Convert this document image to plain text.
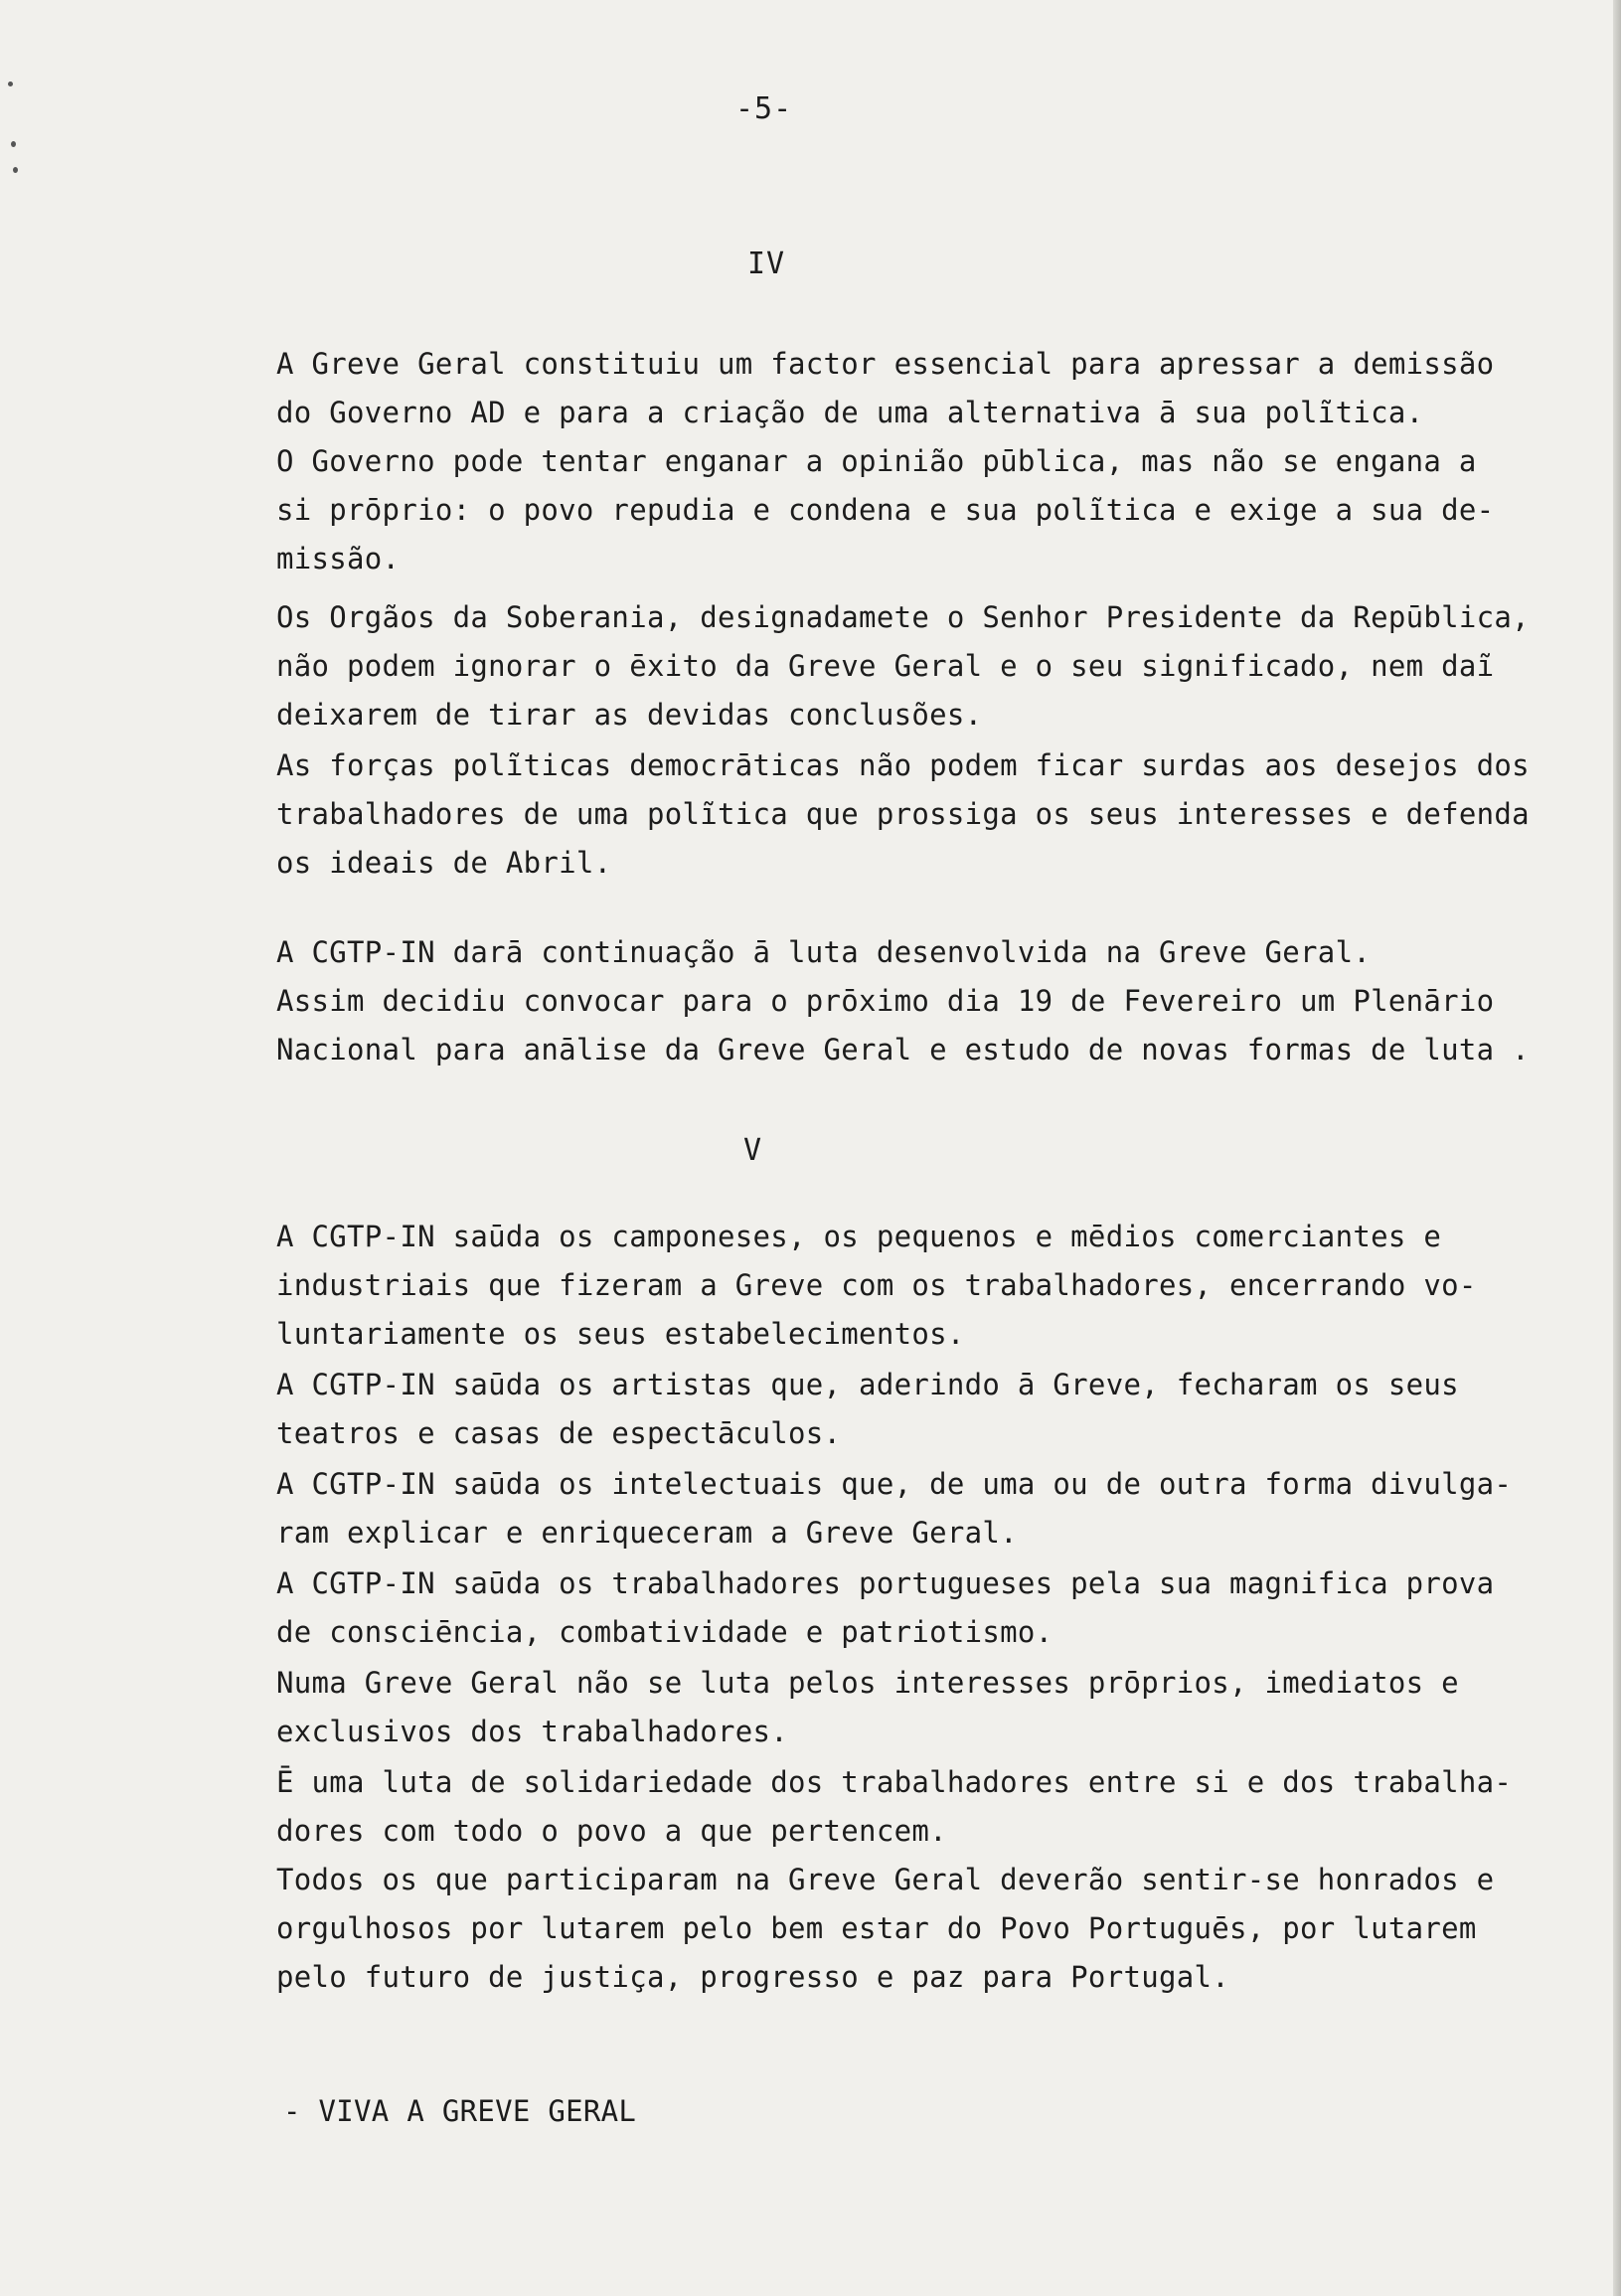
-5-
IV
A Greve Geral constituiu um factor essencial para apressar a demissão
do Governo AD e para a criação de uma alternativa ā sua polĩtica.
O Governo pode tentar enganar a opinião pūblica, mas não se engana a
si prōprio: o povo repudia e condena e sua polĩtica e exige a sua de-
missão.
Os Orgãos da Soberania, designadamete o Senhor Presidente da Repūblica,
não podem ignorar o ēxito da Greve Geral e o seu significado, nem daĩ
deixarem de tirar as devidas conclusões.
As forças polĩticas democrāticas não podem ficar surdas aos desejos dos
trabalhadores de uma polĩtica que prossiga os seus interesses e defenda
os ideais de Abril.
A CGTP-IN darā continuação ā luta desenvolvida na Greve Geral.
Assim decidiu convocar para o prōximo dia 19 de Fevereiro um Plenārio
Nacional para anālise da Greve Geral e estudo de novas formas de luta .
V
A CGTP-IN saūda os camponeses, os pequenos e mēdios comerciantes e
industriais que fizeram a Greve com os trabalhadores, encerrando vo-
luntariamente os seus estabelecimentos.
A CGTP-IN saūda os artistas que, aderindo ā Greve, fecharam os seus
teatros e casas de espectāculos.
A CGTP-IN saūda os intelectuais que, de uma ou de outra forma divulga-
ram explicar e enriqueceram a Greve Geral.
A CGTP-IN saūda os trabalhadores portugueses pela sua magnifica prova
de consciēncia, combatividade e patriotismo.
Numa Greve Geral não se luta pelos interesses prōprios, imediatos e
exclusivos dos trabalhadores.
Ē uma luta de solidariedade dos trabalhadores entre si e dos trabalha-
dores com todo o povo a que pertencem.
Todos os que participaram na Greve Geral deverão sentir-se honrados e
orgulhosos por lutarem pelo bem estar do Povo Portuguēs, por lutarem
pelo futuro de justiça, progresso e paz para Portugal.
- VIVA A GREVE GERAL
